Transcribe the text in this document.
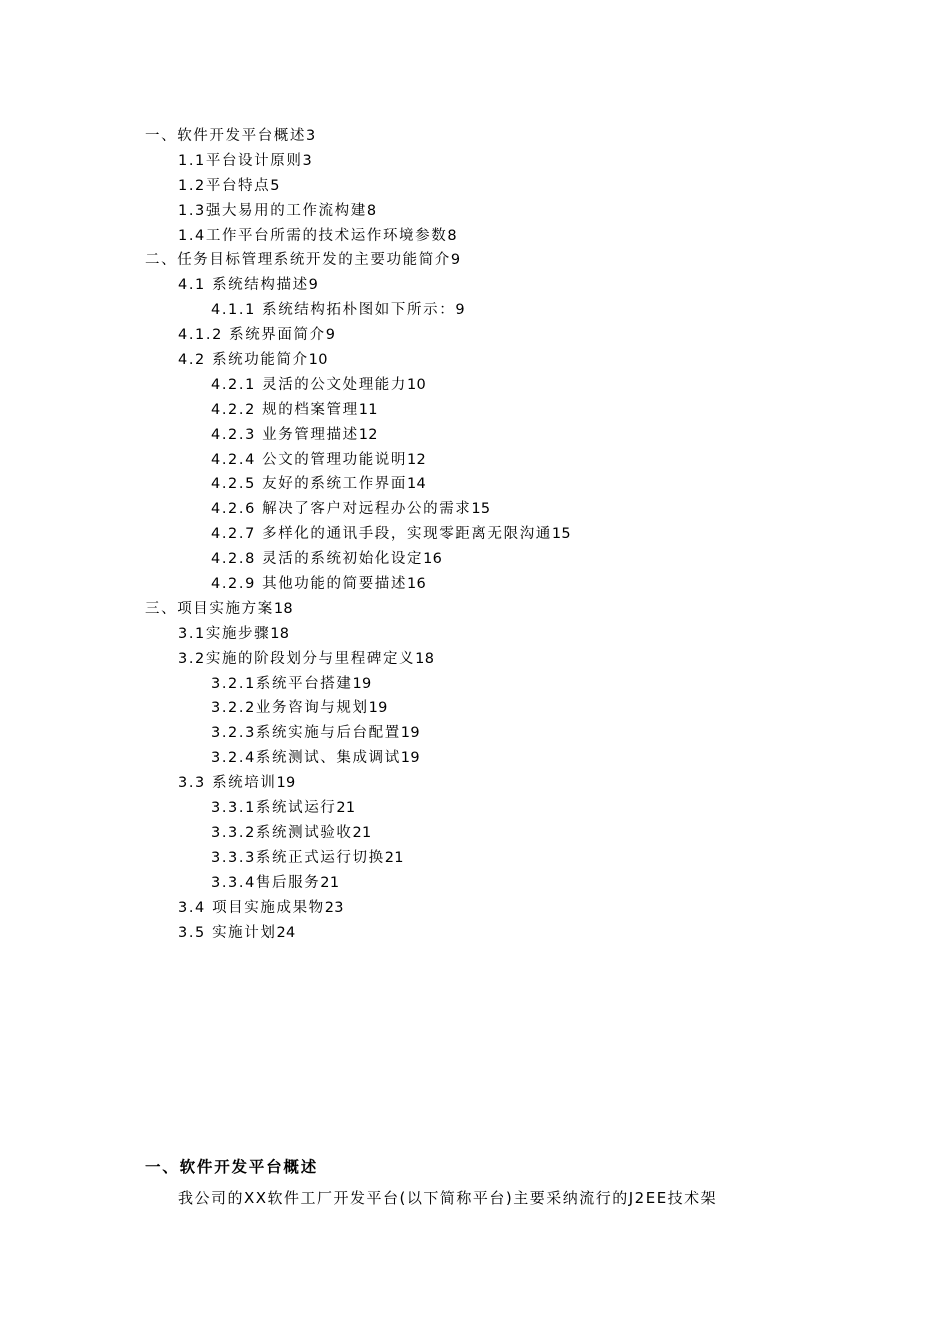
一、软件开发平台概述3
1.1平台设计原则3
1.2平台特点5
1.3强大易用的工作流构建8
1.4工作平台所需的技术运作环境参数8
二、任务目标管理系统开发的主要功能简介9
4.1 系统结构描述9
4.1.1 系统结构拓朴图如下所示：9
4.1.2 系统界面简介9
4.2 系统功能简介10
4.2.1 灵活的公文处理能力10
4.2.2 规的档案管理11
4.2.3 业务管理描述12
4.2.4 公文的管理功能说明12
4.2.5 友好的系统工作界面14
4.2.6 解决了客户对远程办公的需求15
4.2.7 多样化的通讯手段，实现零距离无限沟通15
4.2.8 灵活的系统初始化设定16
4.2.9 其他功能的简要描述16
三、项目实施方案18
3.1实施步骤18
3.2实施的阶段划分与里程碑定义18
3.2.1系统平台搭建19
3.2.2业务咨询与规划19
3.2.3系统实施与后台配置19
3.2.4系统测试、集成调试19
3.3 系统培训19
3.3.1系统试运行21
3.3.2系统测试验收21
3.3.3系统正式运行切换21
3.3.4售后服务21
3.4 项目实施成果物23
3.5 实施计划24
一、软件开发平台概述
我公司的XX软件工厂开发平台(以下简称平台)主要采纳流行的J2EE技术架
